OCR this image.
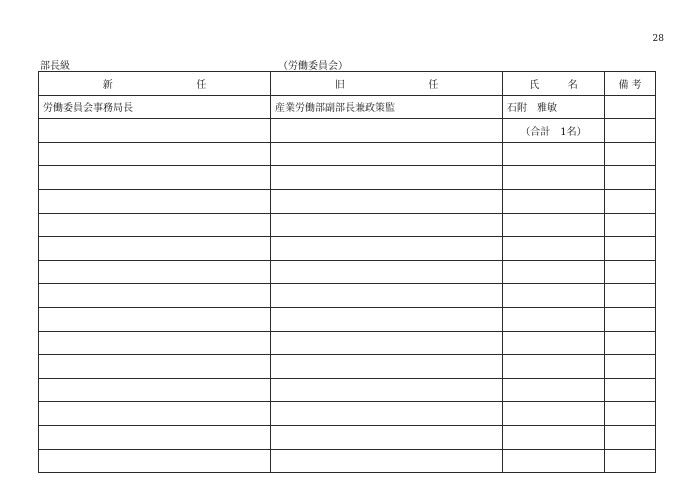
28
部長級	（労働委員会）
新 任	旧 任	氏 名	備 考

労働委員会事務局長	産業労働部副部長兼政策監	石附　雅敏	
		（合計　1名）	
